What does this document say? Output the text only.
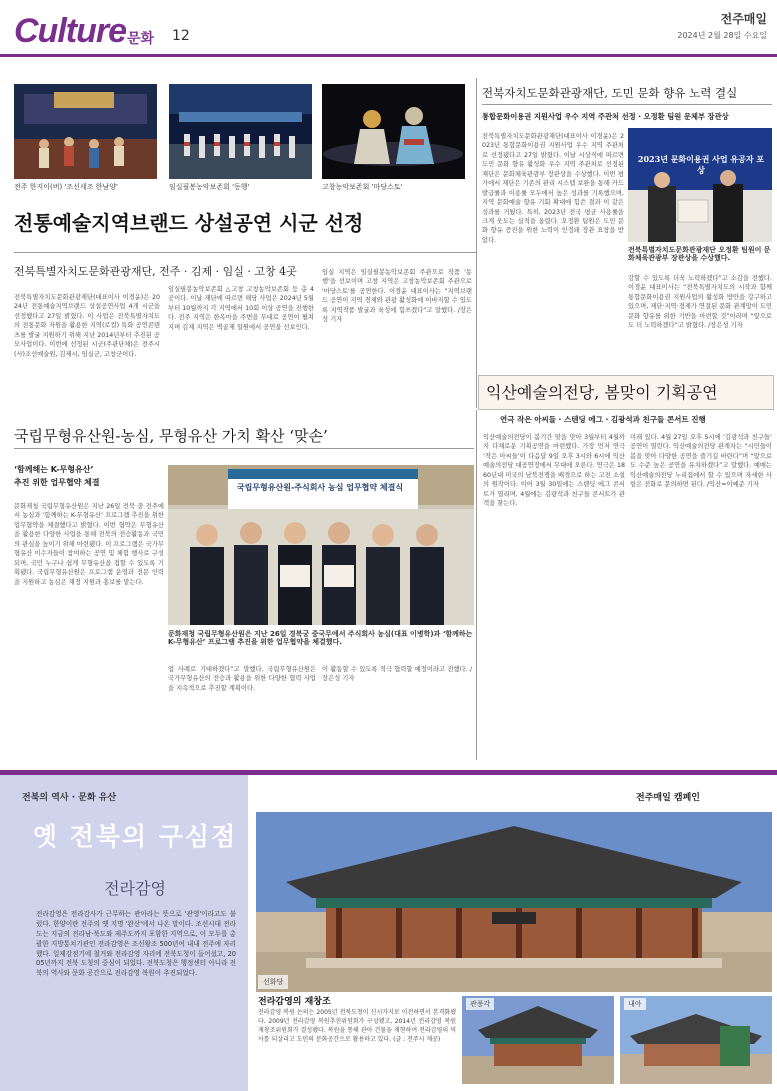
Culture 문화 12
전주매일
2024년 2월 28일 수요일
전주 한지이(버) '조선세조 한남양'	임실필봉농악보존회 '동행'	고창농악보존회 '마당스토'
전통예술지역브랜드 상설공연 시군 선정
전북특별자치도문화관광재단, 전주 · 김제 · 임실 · 고창 4곳
전북특별자치도문화관광재단(대표이사 이경윤)은 2024년 전통예술지역브랜드 상설공연사업 4개 시군을 선정했다고 27일 밝혔다. 이 사업은 전북특별자치도의 전통문화 자원을 활용한 지역(로컬) 특화 공연콘텐츠를 발굴 지원하기 위해 지난 2014년부터 추진된 공모사업이다. 이번에 선정된 시군(주관단체)은 전주시(사)조선예술원, 김제시, 임실군, 고창군이다.
임실필봉농악보존회 △고창 고창농악보존회 등 총 4곳이다. 이날 재단에 따르면 해당 사업은 2024년 5월부터 10월까지 각 지역에서 10회 이상 공연을 진행한다. 전주 지역은 한옥마을 주변을 무대로 공연이 펼쳐지며 김제 지역은 벽골제 일원에서 공연을 선보인다.
임실 지역은 임실필봉농악보존회 주관으로 작품 '동행'을 선보이며 고창 지역은 고창농악보존회 주관으로 '마당스토'를 공연한다. 이경윤 대표이사는 “지역브랜드 공연이 지역 경제와 관광 활성화에 이바지할 수 있도록 지역작품 발굴과 육성에 힘쓰겠다”고 말했다. /장은성 기자
전북자치도문화관광재단, 도민 문화 향유 노력 결실
통합문화이용권 지원사업 우수 지역 주관처 선정 · 오정환 팀원 문체부 장관상
전북특별자치도문화관광재단(대표이사 이경윤)은 2023년 통합문화이용권 지원사업 우수 지역 주관처로 선정됐다고 27일 밝혔다. 이날 시상식에 따르면 도민 문화 향유 활성화 우수 지역 주관처로 선정된 재단은 문화체육관광부 장관상을 수상했다. 이번 평가에서 재단은 기존의 관리 시스템 보완을 통해 카드 발급률과 이용률 모두에서 높은 성과를 기록했으며, 지역 문화예술 향유 기회 확대에 힘쓴 결과 이 같은 성과를 거뒀다. 특히, 2023년 전국 평균 사용률을 크게 웃도는 실적을 올렸다. 오정환 팀원은 도민 문화 향유 증진을 위한 노력이 인정돼 장관 표창을 받았다.
2023년 문화이용권 사업 유공자 포상
전북특별자치도문화관광재단 오정환 팀원이 문화체육관광부 장관상을 수상했다.
강할 수 있도록 더욱 노력하겠다”고 소감을 전했다. 이경윤 대표이사는 “전북특별자치도의 시작과 함께 통합문화이용권 지원사업의 활성화 방안을 강구하고 있으며, 재단·지역·경제가 연결된 문화 관계망이 도민 문화 향유를 위한 기반을 마련할 것”이라며 “앞으로도 더 노력하겠다”고 밝혔다. /장은성 기자
익산예술의전당, 봄맞이 기획공연
연극 작은 아씨들 · 스텐딩 에그 · 김광석과 친구들 콘서트 진행
익산예술의전당이 봄기간 맞을 맞아 3월부터 4월까지 다채로운 기획공연을 마련했다. 가장 먼저 연극 ‘작은 아씨들’이 다음달 9일 오후 3시와 6시에 익산예술의전당 대공연장에서 무대에 오른다. 연극은 1860년대 미국의 남북전쟁을 배경으로 하는 고전 소설의 원작이다. 이어 3월 30일에는 스탠딩 에그 콘서트가 열리며, 4월에는 김광석과 친구들 콘서트가 관객을 찾는다.
미래 있다. 4월 27일 오후 5시에 ‘김광석과 친구들’ 공연이 열린다. 익산예술의전당 관계자는 “시민들이 봄을 맞아 다양한 공연을 즐기길 바란다”며 “앞으로도 수준 높은 공연을 유치하겠다”고 말했다. 예매는 익산예술의전당 누리집에서 할 수 있으며 자세한 사항은 전화로 문의하면 된다. /익산=이예준 기자
국립무형유산원-농심, 무형유산 가치 확산 ‘맞손’
‘함께해는 K-무형유산’
추진 위한 업무협약 체결
문화재청 국립무형유산원은 지난 26일 전북 중 전주에서 농심과 ‘함께하는 K-무형유산’ 프로그램 추진을 위한 업무협약을 체결했다고 밝혔다. 이번 협약은 무형유산을 활용한 다양한 사업을 통해 전북의 전승활동과 국민의 관심을 높이기 위해 마련됐다. 이 프로그램은 국가무형유산 이수자들이 참여하는 공연 및 체험 행사로 구성되며, 국민 누구나 쉽게 무형유산을 접할 수 있도록 기획됐다. 국립무형유산원은 프로그램 운영과 전문 인력을 지원하고 농심은 재정 지원과 홍보를 맡는다.
국립무형유산원-주식회사 농심 업무협약 체결식
문화재청 국립무형유산원은 지난 26일 경북궁 중국무에서 주식회사 농심(대표 이병학)과 ‘함께하는 K-무형유산’ 프로그램 추진을 위한 업무협약을 체결했다.
업 사례로 기대하겠다”고 말했다. 국립무형유산원은 국가무형유산의 전승과 활용을 위한 다양한 협력 사업을 지속적으로 추진할 계획이다.
이 활동할 수 있도록 적극 협력할 예정이라고 전했다. /장은성 기자
전북의 역사 · 문화 유산
옛 전북의 구심점
전라감영
전라감영은 전라감사가 근무하는 관아라는 뜻으로 '관영'이라고도 불렀다. 한양이란 전주의 옛 지명 '완산'에서 나온 말이다. 조선시대 전라도는 지금의 전라남·북도와 제주도까지 포함한 지역으로, 이 모두를 총괄한 지방통치기관인 전라감영은 조선왕조 500년여 내내 전주에 자리했다. 일제강점기에 철거와 전라감영 자리에 전북도청이 들어섰고, 2005년까지 전북 도청의 중심이 되었다. 전북도청은 행정센터 아니라 전북의 역사와 문화 공간으로 전라감영 복원이 추진되었다.
전주매일 캠페인
선화당
전라감영의 재창조
전라감영 복원 논의는 2005년 전북도청이 신시가지로 이전하면서 본격화됐다. 2009년 전라감영 복원추진위원회가 구성됐고, 2014년 전라감영 복원 재창조위원회가 결성됐다. 복원을 통해 관아 건물을 재현하여 전라감영의 역사를 되살리고 도민의 문화공간으로 활용하고 있다. (글 : 전주시 제공)
관풍각	내아
